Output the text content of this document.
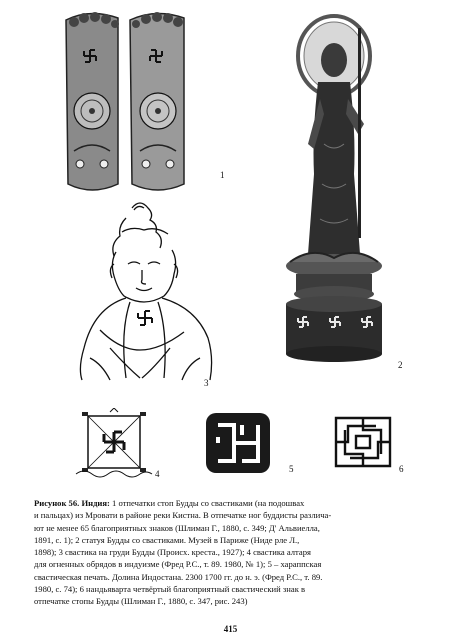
1
2
3
4	5	6
Рисунок 56. Индия: 1 отпечатки стоп Будды со свастиками (на подошвах
и пальцах) из Мровати в районе реки Кистна. В отпечатке ног буддисты различа-
ют не менее 65 благоприятных знаков (Шлиман Г., 1880, с. 349; Д' Альвиелла,
1891, с. 1); 2 статуя Будды со свастиками. Музей в Париже (Ниде рле Л.,
1898); 3 свастика на груди Будды (Происх. креста., 1927); 4 свастика алтаря
для огненных обрядов в индуизме (Фред Р.С., т. 89. 1980, № 1); 5 – хараппская
свастическая печать. Долина Индостана. 2300 1700 гг. до н. э. (Фред Р.С., т. 89.
1980, с. 74); 6 нандьяварта четвёртый благоприятный свастический знак в
отпечатке стопы Будды (Шлиман Г., 1880, с. 347, рис. 243)
415
